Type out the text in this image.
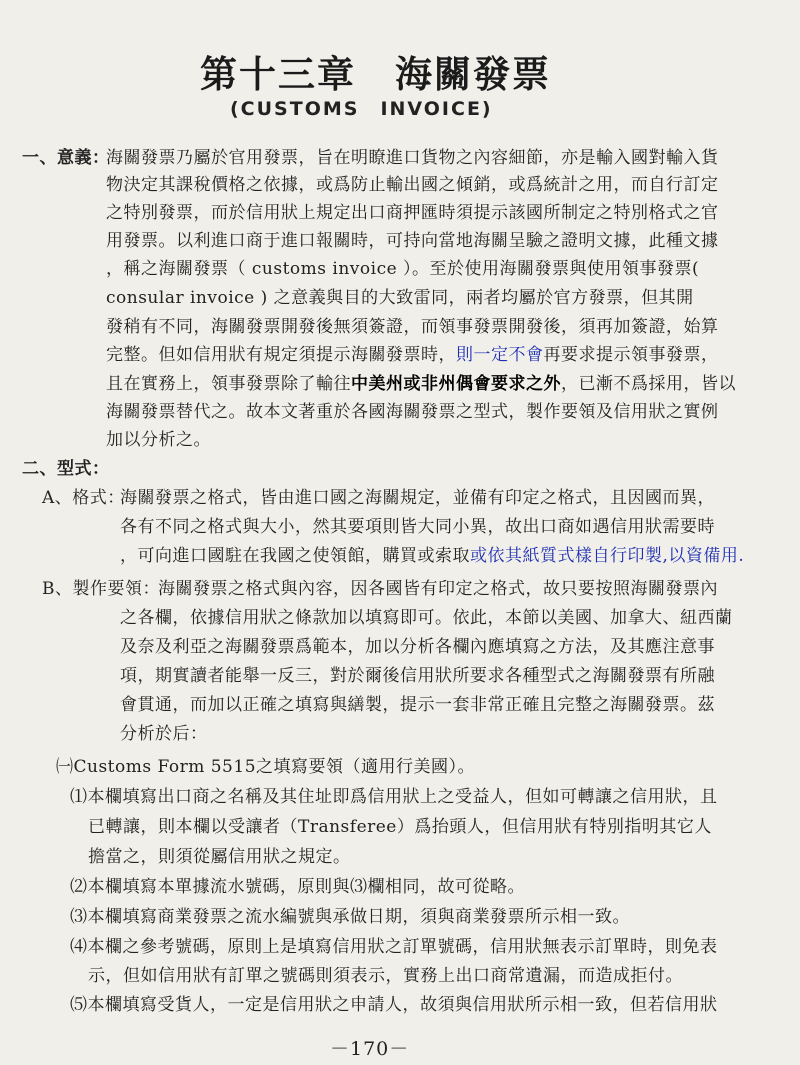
第十三章　海關發票
(CUSTOMS　INVOICE)
一、意義：
海關發票乃屬於官用發票，旨在明瞭進口貨物之內容細節，亦是輸入國對輸入貨
物決定其課稅價格之依據，或爲防止輸出國之傾銷，或爲統計之用，而自行訂定
之特別發票，而於信用狀上規定出口商押匯時須提示該國所制定之特別格式之官
用發票。以利進口商于進口報關時，可持向當地海關呈驗之證明文據，此種文據
，稱之海關發票（ customs invoice ）。至於使用海關發票與使用領事發票(
consular invoice ) 之意義與目的大致雷同，兩者均屬於官方發票，但其開
發稍有不同，海關發票開發後無須簽證，而領事發票開發後，須再加簽證，始算
完整。但如信用狀有規定須提示海關發票時，則一定不會再要求提示領事發票，
且在實務上，領事發票除了輸往中美州或非州偶會要求之外，已漸不爲採用，皆以
海關發票替代之。故本文著重於各國海關發票之型式，製作要領及信用狀之實例
加以分析之。
二、型式：
A、格式：
海關發票之格式，皆由進口國之海關規定，並備有印定之格式，且因國而異，
各有不同之格式與大小，然其要項則皆大同小異，故出口商如遇信用狀需要時
，可向進口國駐在我國之使領館，購買或索取或依其紙質式樣自行印製,以資備用.
B、製作要領：
海關發票之格式與內容，因各國皆有印定之格式，故只要按照海關發票內
之各欄，依據信用狀之條款加以填寫即可。依此，本節以美國、加拿大、紐西蘭
及奈及利亞之海關發票爲範本，加以分析各欄內應填寫之方法，及其應注意事
項，期實讀者能舉一反三，對於爾後信用狀所要求各種型式之海關發票有所融
會貫通，而加以正確之填寫與繕製，提示一套非常正確且完整之海關發票。茲
分析於后：
㈠Customs Form 5515之填寫要領（適用行美國）。
⑴本欄填寫出口商之名稱及其住址即爲信用狀上之受益人，但如可轉讓之信用狀，且
已轉讓，則本欄以受讓者（Transferee）爲抬頭人，但信用狀有特別指明其它人
擔當之，則須從屬信用狀之規定。
⑵本欄填寫本單據流水號碼，原則與⑶欄相同，故可從略。
⑶本欄填寫商業發票之流水編號與承做日期，須與商業發票所示相一致。
⑷本欄之參考號碼，原則上是填寫信用狀之訂單號碼，信用狀無表示訂單時，則免表
示，但如信用狀有訂單之號碼則須表示，實務上出口商常遺漏，而造成拒付。
⑸本欄填寫受貨人，一定是信用狀之申請人，故須與信用狀所示相一致，但若信用狀
－170－
